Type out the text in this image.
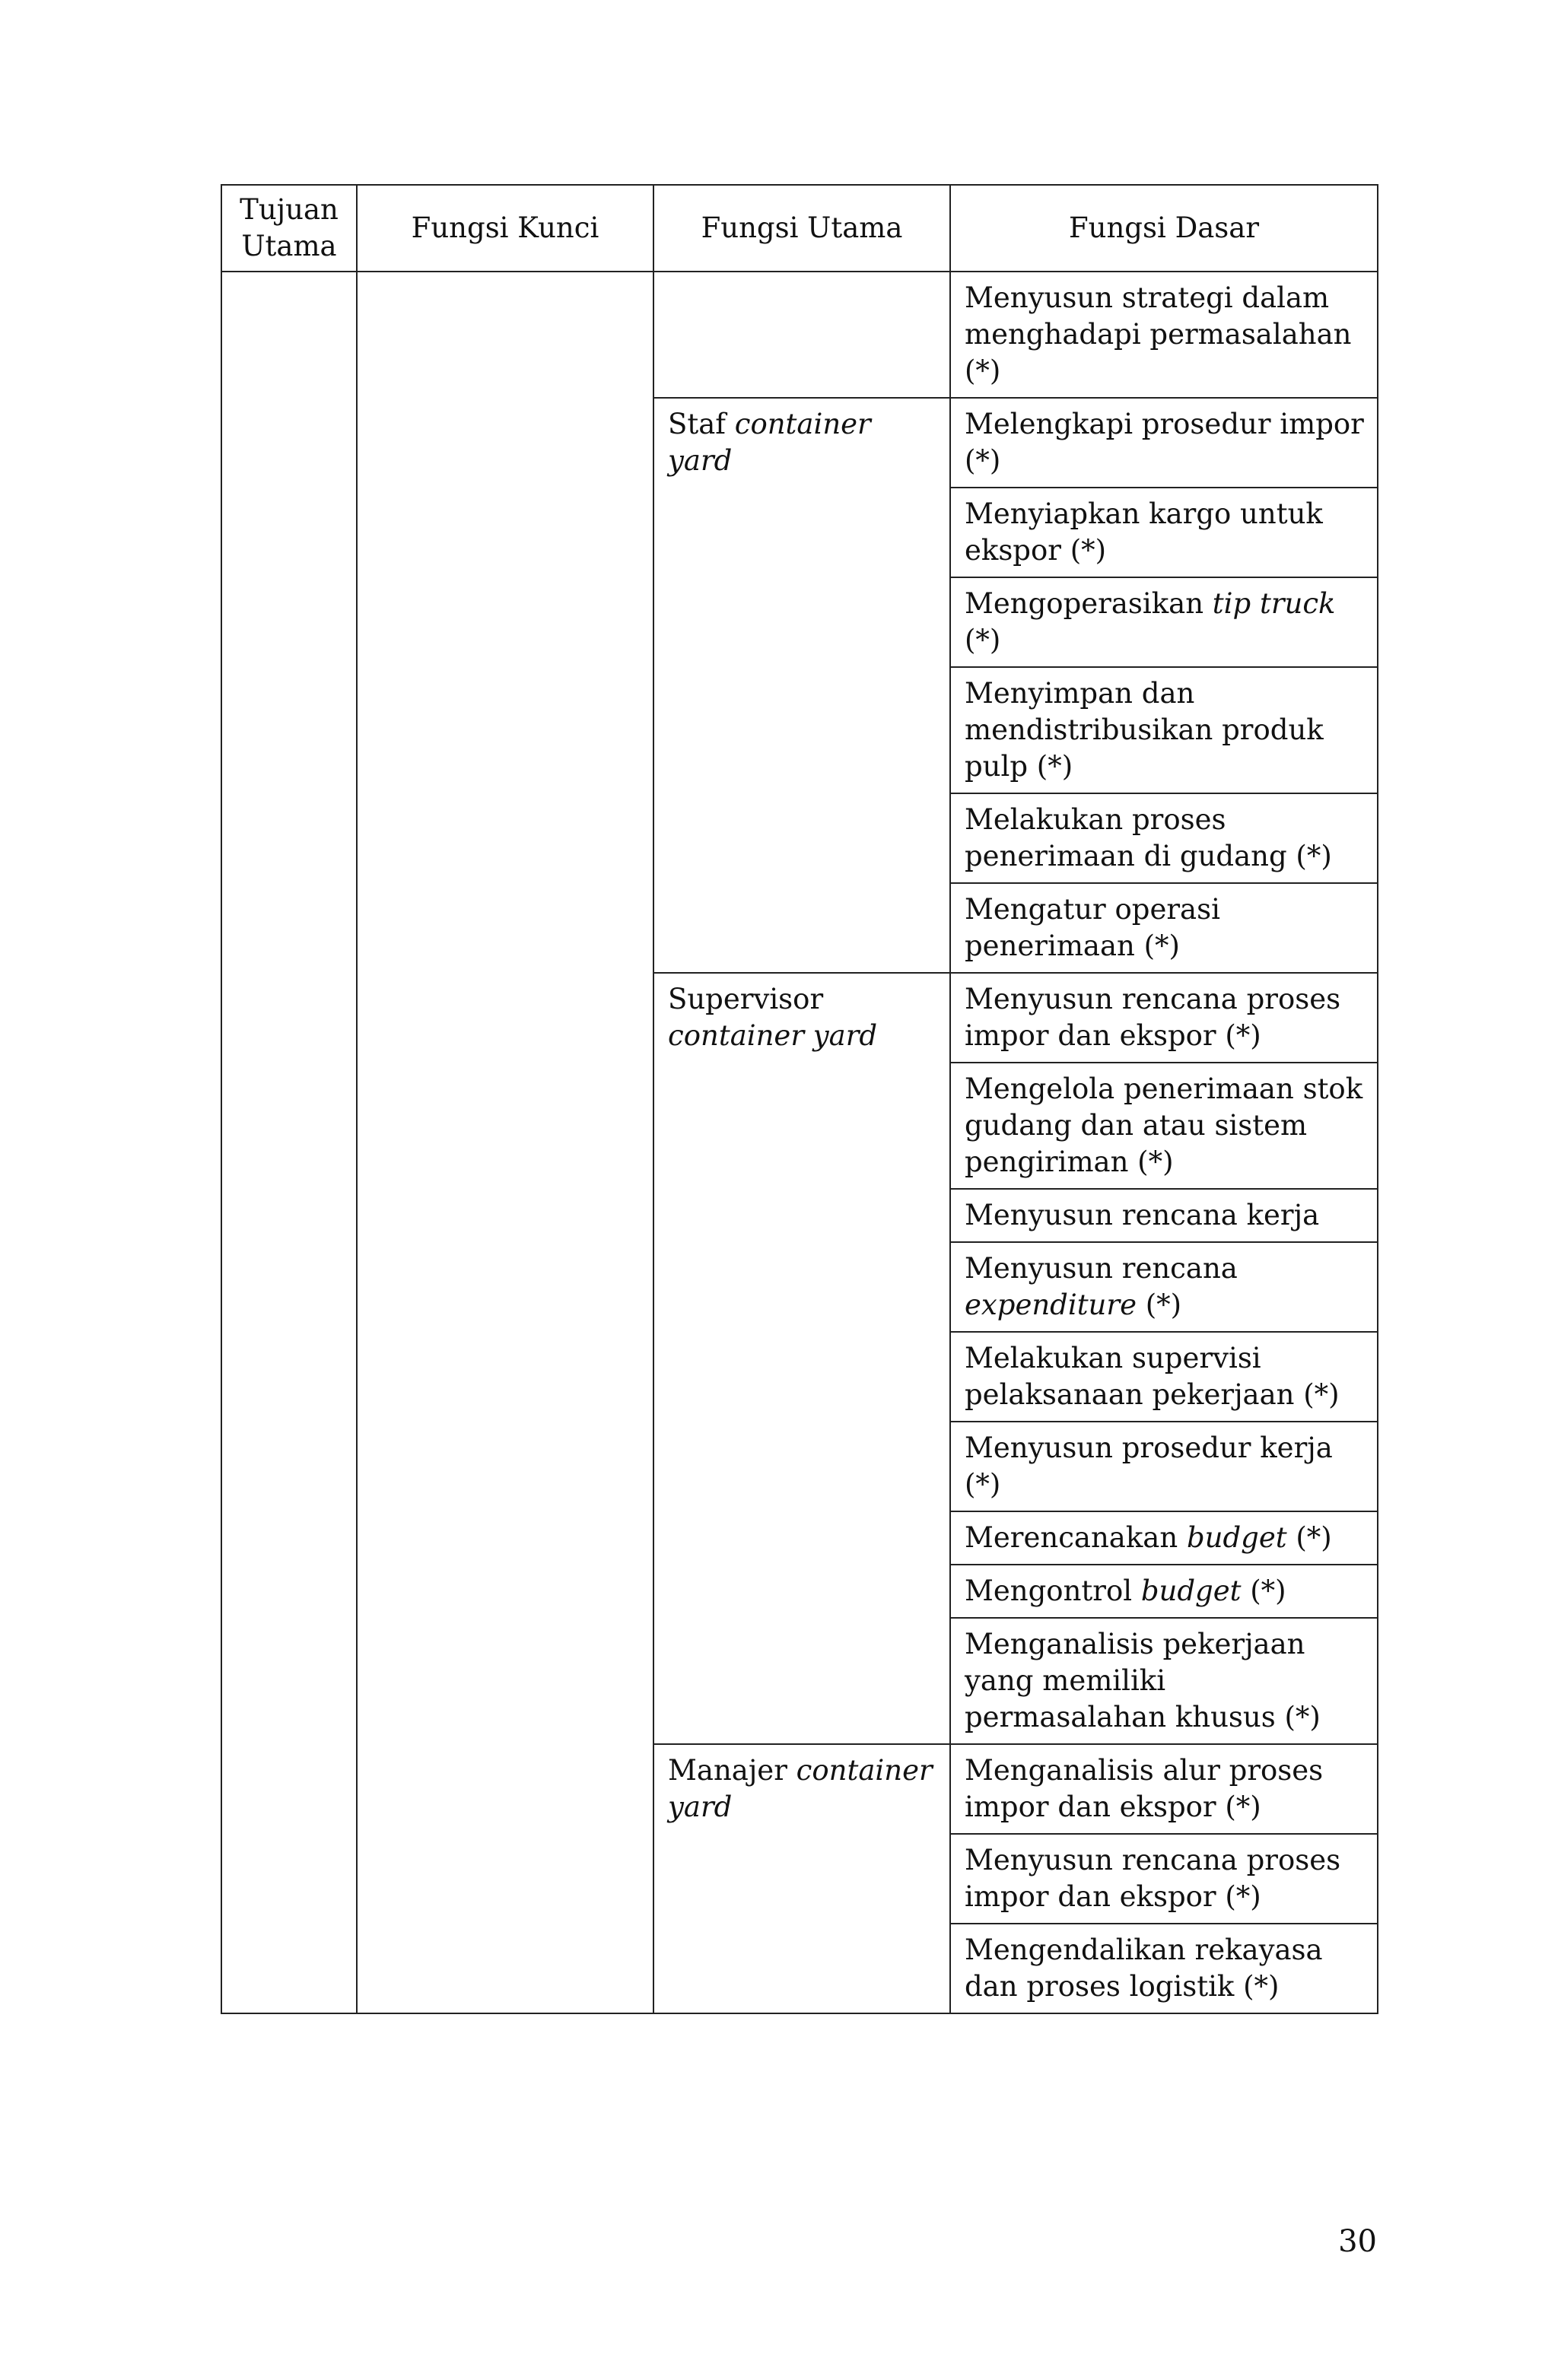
Tujuan Utama	Fungsi Kunci	Fungsi Utama	Fungsi Dasar

			Menyusun strategi dalam menghadapi permasalahan (*)

		Staf container yard	Melengkapi prosedur impor (*)

			Menyiapkan kargo untuk ekspor (*)

			Mengoperasikan tip truck (*)

			Menyimpan dan mendistribusikan produk pulp (*)

			Melakukan proses penerimaan di gudang (*)

			Mengatur operasi penerimaan (*)

		Supervisor container yard	Menyusun rencana proses impor dan ekspor (*)

			Mengelola penerimaan stok gudang dan atau sistem pengiriman (*)

			Menyusun rencana kerja

			Menyusun rencana expenditure (*)

			Melakukan supervisi pelaksanaan pekerjaan (*)

			Menyusun prosedur kerja (*)

			Merencanakan budget (*)

			Mengontrol budget (*)

			Menganalisis pekerjaan yang memiliki permasalahan khusus (*)

		Manajer container yard	Menganalisis alur proses impor dan ekspor (*)

			Menyusun rencana proses impor dan ekspor (*)

			Mengendalikan rekayasa dan proses logistik (*)
30
